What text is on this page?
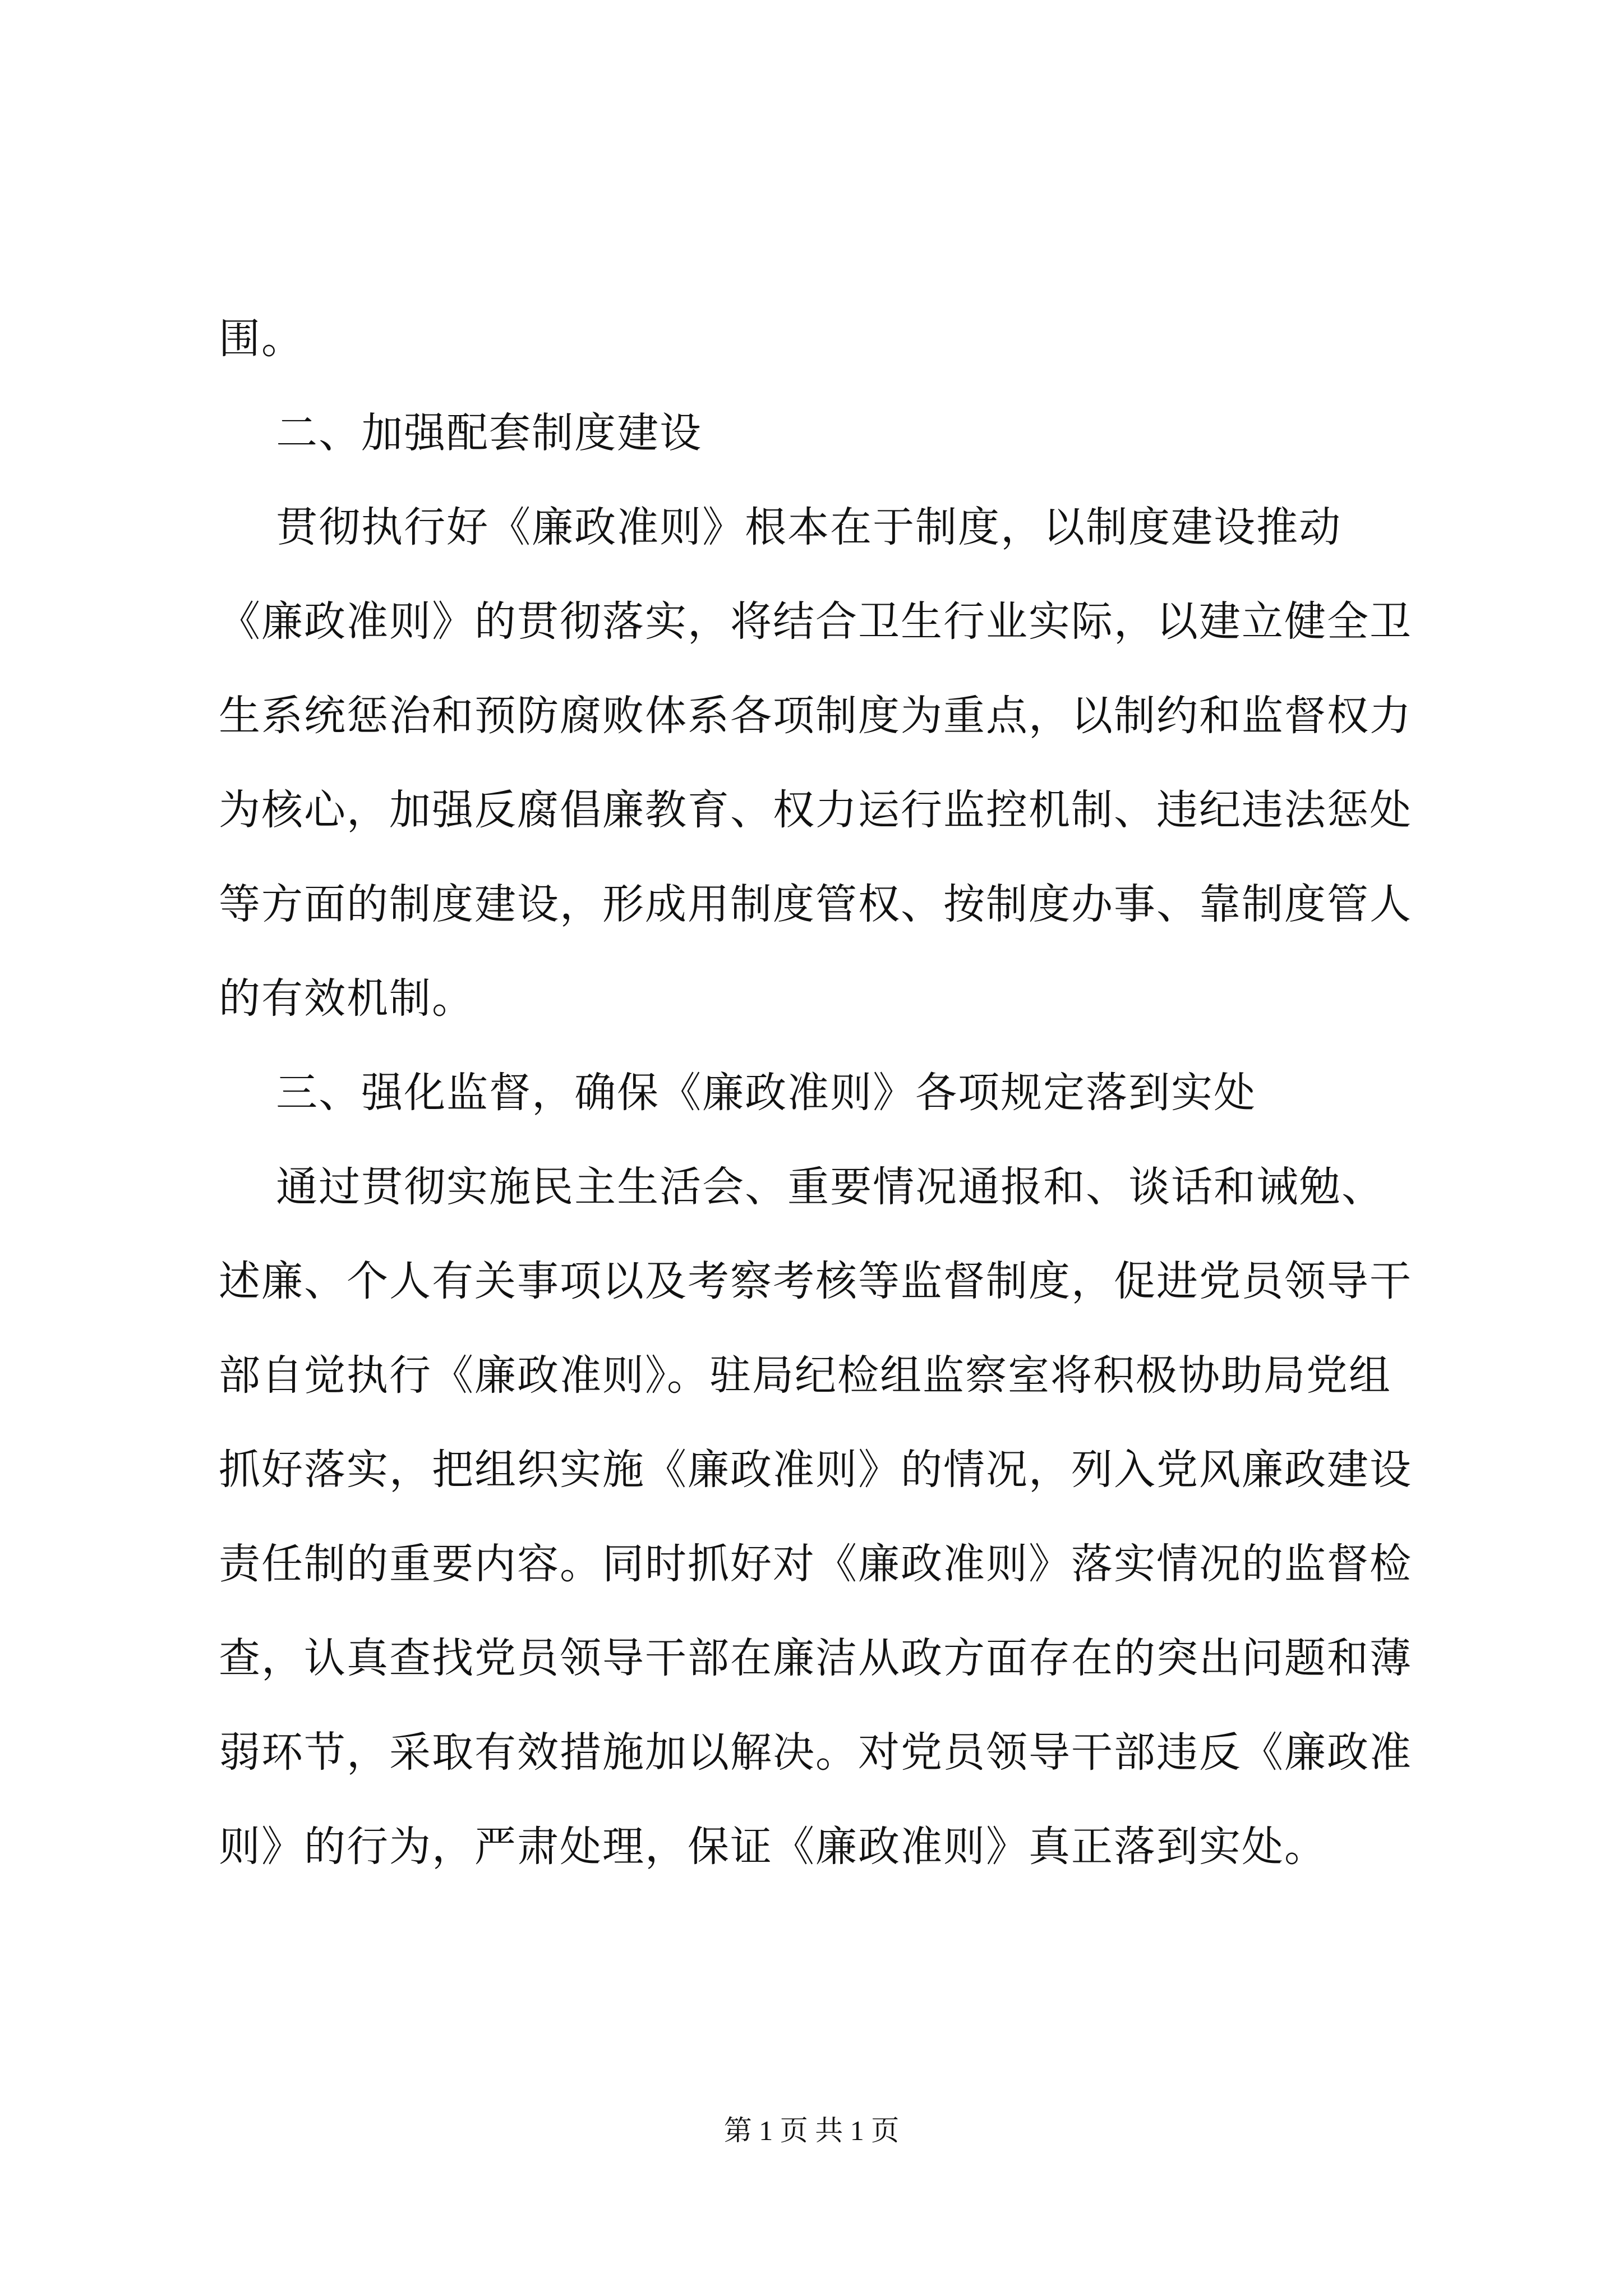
围。
二、加强配套制度建设
贯彻执行好《廉政准则》根本在于制度，以制度建设推动
《廉政准则》的贯彻落实，将结合卫生行业实际，以建立健全卫
生系统惩治和预防腐败体系各项制度为重点，以制约和监督权力
为核心，加强反腐倡廉教育、权力运行监控机制、违纪违法惩处
等方面的制度建设，形成用制度管权、按制度办事、靠制度管人
的有效机制。
三、强化监督，确保《廉政准则》各项规定落到实处
通过贯彻实施民主生活会、重要情况通报和、谈话和诫勉、
述廉、个人有关事项以及考察考核等监督制度，促进党员领导干
部自觉执行《廉政准则》。驻局纪检组监察室将积极协助局党组
抓好落实，把组织实施《廉政准则》的情况，列入党风廉政建设
责任制的重要内容。同时抓好对《廉政准则》落实情况的监督检
查，认真查找党员领导干部在廉洁从政方面存在的突出问题和薄
弱环节，采取有效措施加以解决。对党员领导干部违反《廉政准
则》的行为，严肃处理，保证《廉政准则》真正落到实处。
第 1 页 共 1 页
